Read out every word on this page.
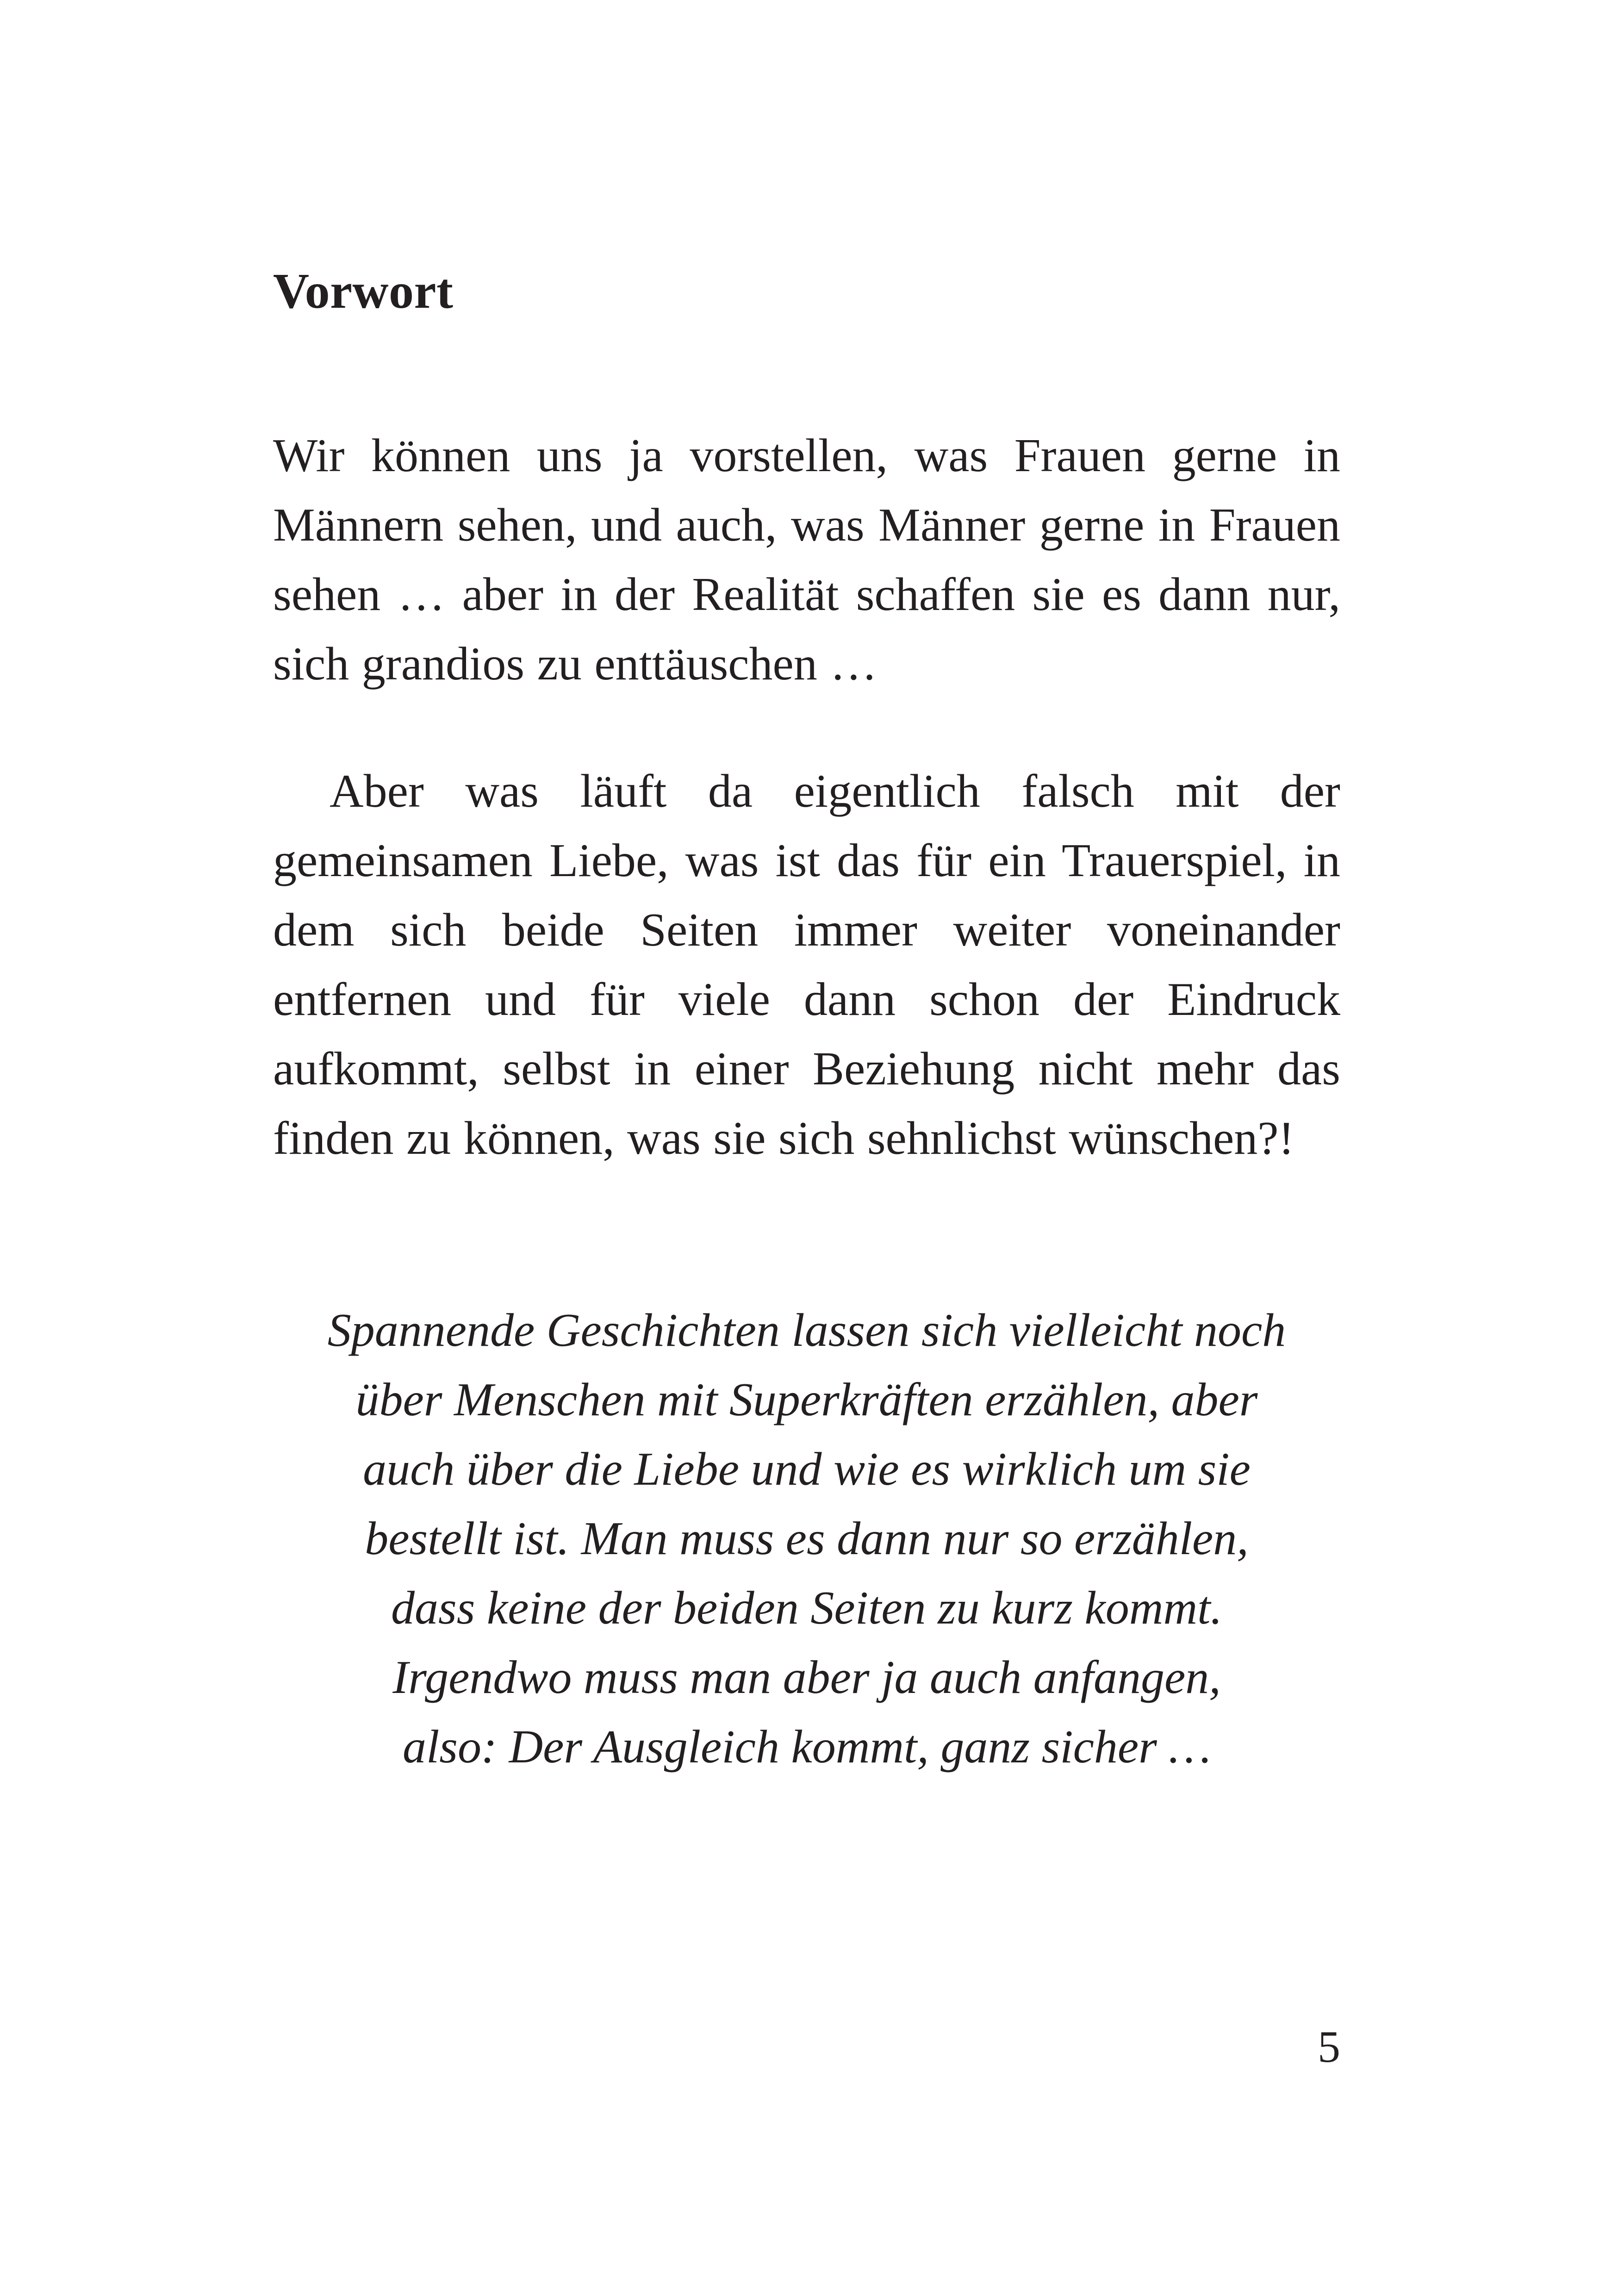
Vorwort

Wir können uns ja vorstellen, was Frauen gerne in Männern sehen, und auch, was Männer gerne in Frauen sehen … aber in der Realität schaffen sie es dann nur, sich grandios zu enttäuschen …

Aber was läuft da eigentlich falsch mit der gemeinsamen Liebe, was ist das für ein Trauerspiel, in dem sich beide Seiten immer weiter voneinander entfernen und für viele dann schon der Eindruck aufkommt, selbst in einer Beziehung nicht mehr das finden zu können, was sie sich sehnlichst wünschen?!

Spannende Geschichten lassen sich vielleicht noch
über Menschen mit Superkräften erzählen, aber
auch über die Liebe und wie es wirklich um sie
bestellt ist. Man muss es dann nur so erzählen,
dass keine der beiden Seiten zu kurz kommt.
Irgendwo muss man aber ja auch anfangen,
also: Der Ausgleich kommt, ganz sicher …
5
